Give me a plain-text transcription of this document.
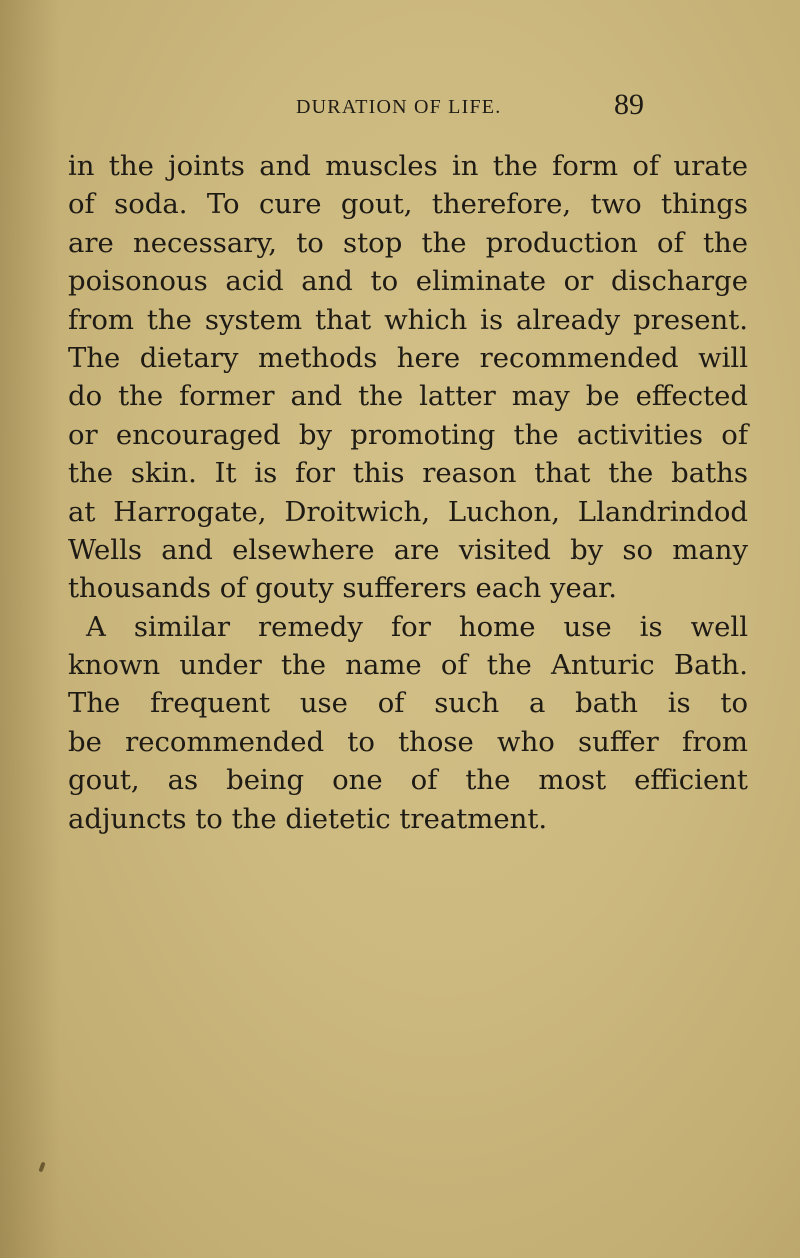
DURATION OF LIFE.	89
in the joints and muscles in the form of urate
of soda. To cure gout, therefore, two things
are necessary, to stop the production of the
poisonous acid and to eliminate or discharge
from the system that which is already present.
The dietary methods here recommended will
do the former and the latter may be effected
or encouraged by promoting the activities of
the skin. It is for this reason that the baths
at Harrogate, Droitwich, Luchon, Llandrindod
Wells and elsewhere are visited by so many
thousands of gouty sufferers each year.
A similar remedy for home use is well
known under the name of the Anturic Bath.
The frequent use of such a bath is to
be recommended to those who suffer from
gout, as being one of the most efficient
adjuncts to the dietetic treatment.
